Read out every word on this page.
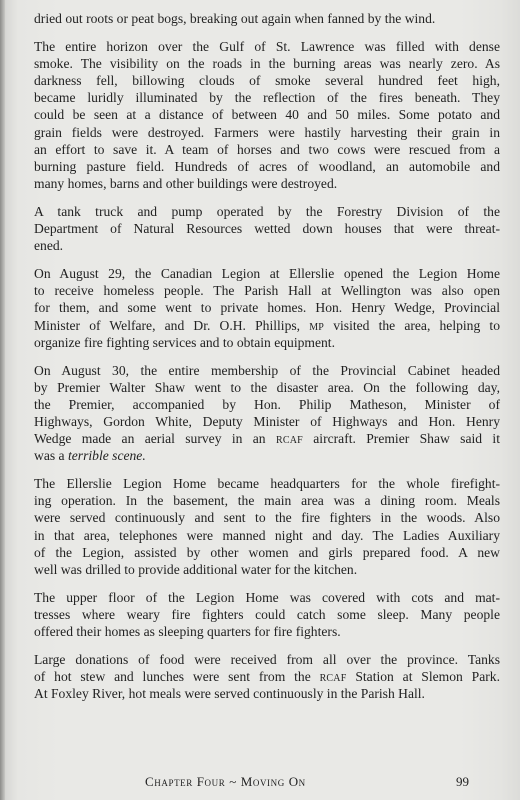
dried out roots or peat bogs, breaking out again when fanned by the wind.
The entire horizon over the Gulf of St. Lawrence was filled with dense
smoke. The visibility on the roads in the burning areas was nearly zero. As
darkness fell, billowing clouds of smoke several hundred feet high,
became luridly illuminated by the reflection of the fires beneath. They
could be seen at a distance of between 40 and 50 miles. Some potato and
grain fields were destroyed. Farmers were hastily harvesting their grain in
an effort to save it. A team of horses and two cows were rescued from a
burning pasture field. Hundreds of acres of woodland, an automobile and
many homes, barns and other buildings were destroyed.
A tank truck and pump operated by the Forestry Division of the
Department of Natural Resources wetted down houses that were threat-
ened.
On August 29, the Canadian Legion at Ellerslie opened the Legion Home
to receive homeless people. The Parish Hall at Wellington was also open
for them, and some went to private homes. Hon. Henry Wedge, Provincial
Minister of Welfare, and Dr. O.H. Phillips, mp visited the area, helping to
organize fire fighting services and to obtain equipment.
On August 30, the entire membership of the Provincial Cabinet headed
by Premier Walter Shaw went to the disaster area. On the following day,
the Premier, accompanied by Hon. Philip Matheson, Minister of
Highways, Gordon White, Deputy Minister of Highways and Hon. Henry
Wedge made an aerial survey in an rcaf aircraft. Premier Shaw said it
was a terrible scene.
The Ellerslie Legion Home became headquarters for the whole firefight-
ing operation. In the basement, the main area was a dining room. Meals
were served continuously and sent to the fire fighters in the woods. Also
in that area, telephones were manned night and day. The Ladies Auxiliary
of the Legion, assisted by other women and girls prepared food. A new
well was drilled to provide additional water for the kitchen.
The upper floor of the Legion Home was covered with cots and mat-
tresses where weary fire fighters could catch some sleep. Many people
offered their homes as sleeping quarters for fire fighters.
Large donations of food were received from all over the province. Tanks
of hot stew and lunches were sent from the rcaf Station at Slemon Park.
At Foxley River, hot meals were served continuously in the Parish Hall.
Chapter Four ~ Moving On	99
